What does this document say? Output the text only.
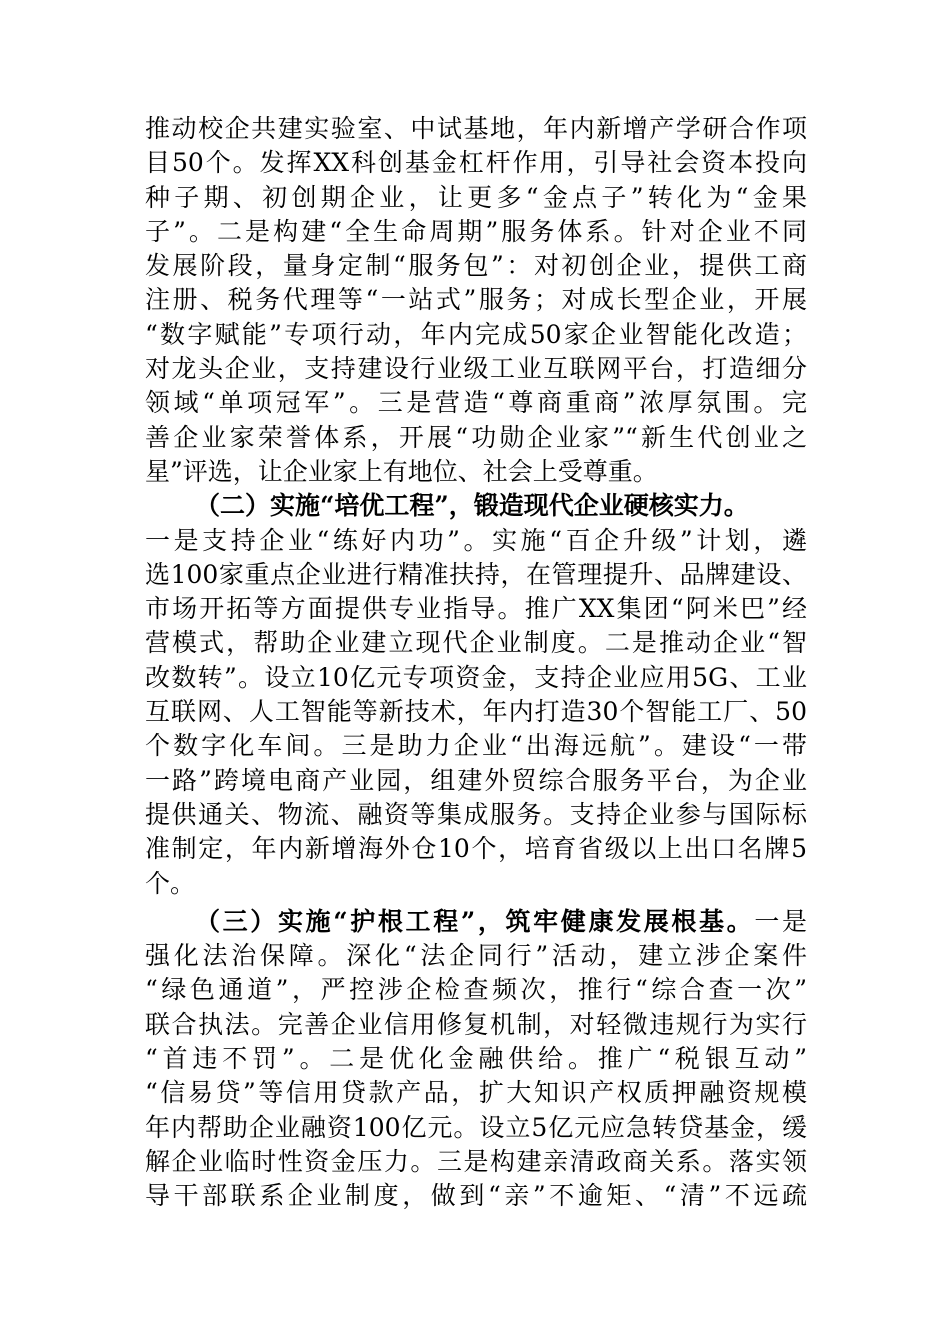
推动校企共建实验室、中试基地，年内新增产学研合作项
目50个。发挥XX科创基金杠杆作用，引导社会资本投向
种子期、初创期企业，让更多“金点子”转化为“金果
子”。二是构建“全生命周期”服务体系。针对企业不同
发展阶段，量身定制“服务包”：对初创企业，提供工商
注册、税务代理等“一站式”服务；对成长型企业，开展
“数字赋能”专项行动，年内完成50家企业智能化改造；
对龙头企业，支持建设行业级工业互联网平台，打造细分
领域“单项冠军”。三是营造“尊商重商”浓厚氛围。完
善企业家荣誉体系，开展“功勋企业家”“新生代创业之
星”评选，让企业家上有地位、社会上受尊重。
（二）实施“培优工程”，锻造现代企业硬核实力。
一是支持企业“练好内功”。实施“百企升级”计划，遴
选100家重点企业进行精准扶持，在管理提升、品牌建设、
市场开拓等方面提供专业指导。推广XX集团“阿米巴”经
营模式，帮助企业建立现代企业制度。二是推动企业“智
改数转”。设立10亿元专项资金，支持企业应用5G、工业
互联网、人工智能等新技术，年内打造30个智能工厂、50
个数字化车间。三是助力企业“出海远航”。建设“一带
一路”跨境电商产业园，组建外贸综合服务平台，为企业
提供通关、物流、融资等集成服务。支持企业参与国际标
准制定，年内新增海外仓10个，培育省级以上出口名牌5
个。
（三）实施“护根工程”，筑牢健康发展根基。一是
强化法治保障。深化“法企同行”活动，建立涉企案件
“绿色通道”，严控涉企检查频次，推行“综合查一次”
联合执法。完善企业信用修复机制，对轻微违规行为实行
“首违不罚”。二是优化金融供给。推广“税银互动”
“信易贷”等信用贷款产品，扩大知识产权质押融资规模
年内帮助企业融资100亿元。设立5亿元应急转贷基金，缓
解企业临时性资金压力。三是构建亲清政商关系。落实领
导干部联系企业制度，做到“亲”不逾矩、“清”不远疏
